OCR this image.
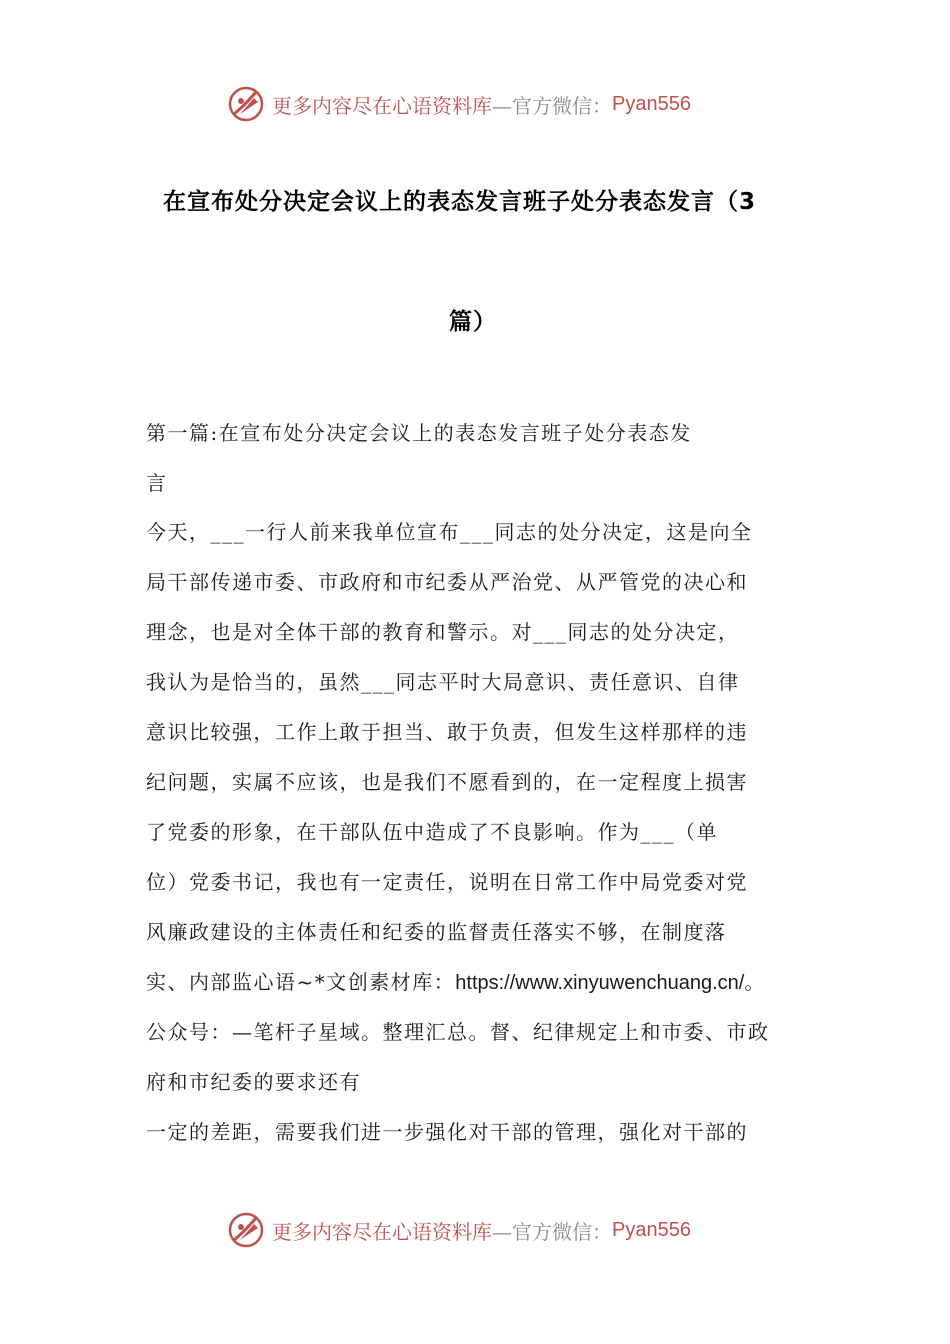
更多内容尽在心语资料库 —官方微信： Pyan556
在宣布处分决定会议上的表态发言班子处分表态发言（3
篇）
第一篇:在宣布处分决定会议上的表态发言班子处分表态发
言
今天，___一行人前来我单位宣布___同志的处分决定，这是向全
局干部传递市委、市政府和市纪委从严治党、从严管党的决心和
理念，也是对全体干部的教育和警示。对___同志的处分决定，
我认为是恰当的，虽然___同志平时大局意识、责任意识、自律
意识比较强，工作上敢于担当、敢于负责，但发生这样那样的违
纪问题，实属不应该，也是我们不愿看到的，在一定程度上损害
了党委的形象，在干部队伍中造成了不良影响。作为___（单
位）党委书记，我也有一定责任，说明在日常工作中局党委对党
风廉政建设的主体责任和纪委的监督责任落实不够，在制度落
实、内部监心语~*文创素材库：https://www.xinyuwenchuang.cn/。
公众号：—笔杆子星域。整理汇总。督、纪律规定上和市委、市政
府和市纪委的要求还有
一定的差距，需要我们进一步强化对干部的管理，强化对干部的
更多内容尽在心语资料库 —官方微信： Pyan556
